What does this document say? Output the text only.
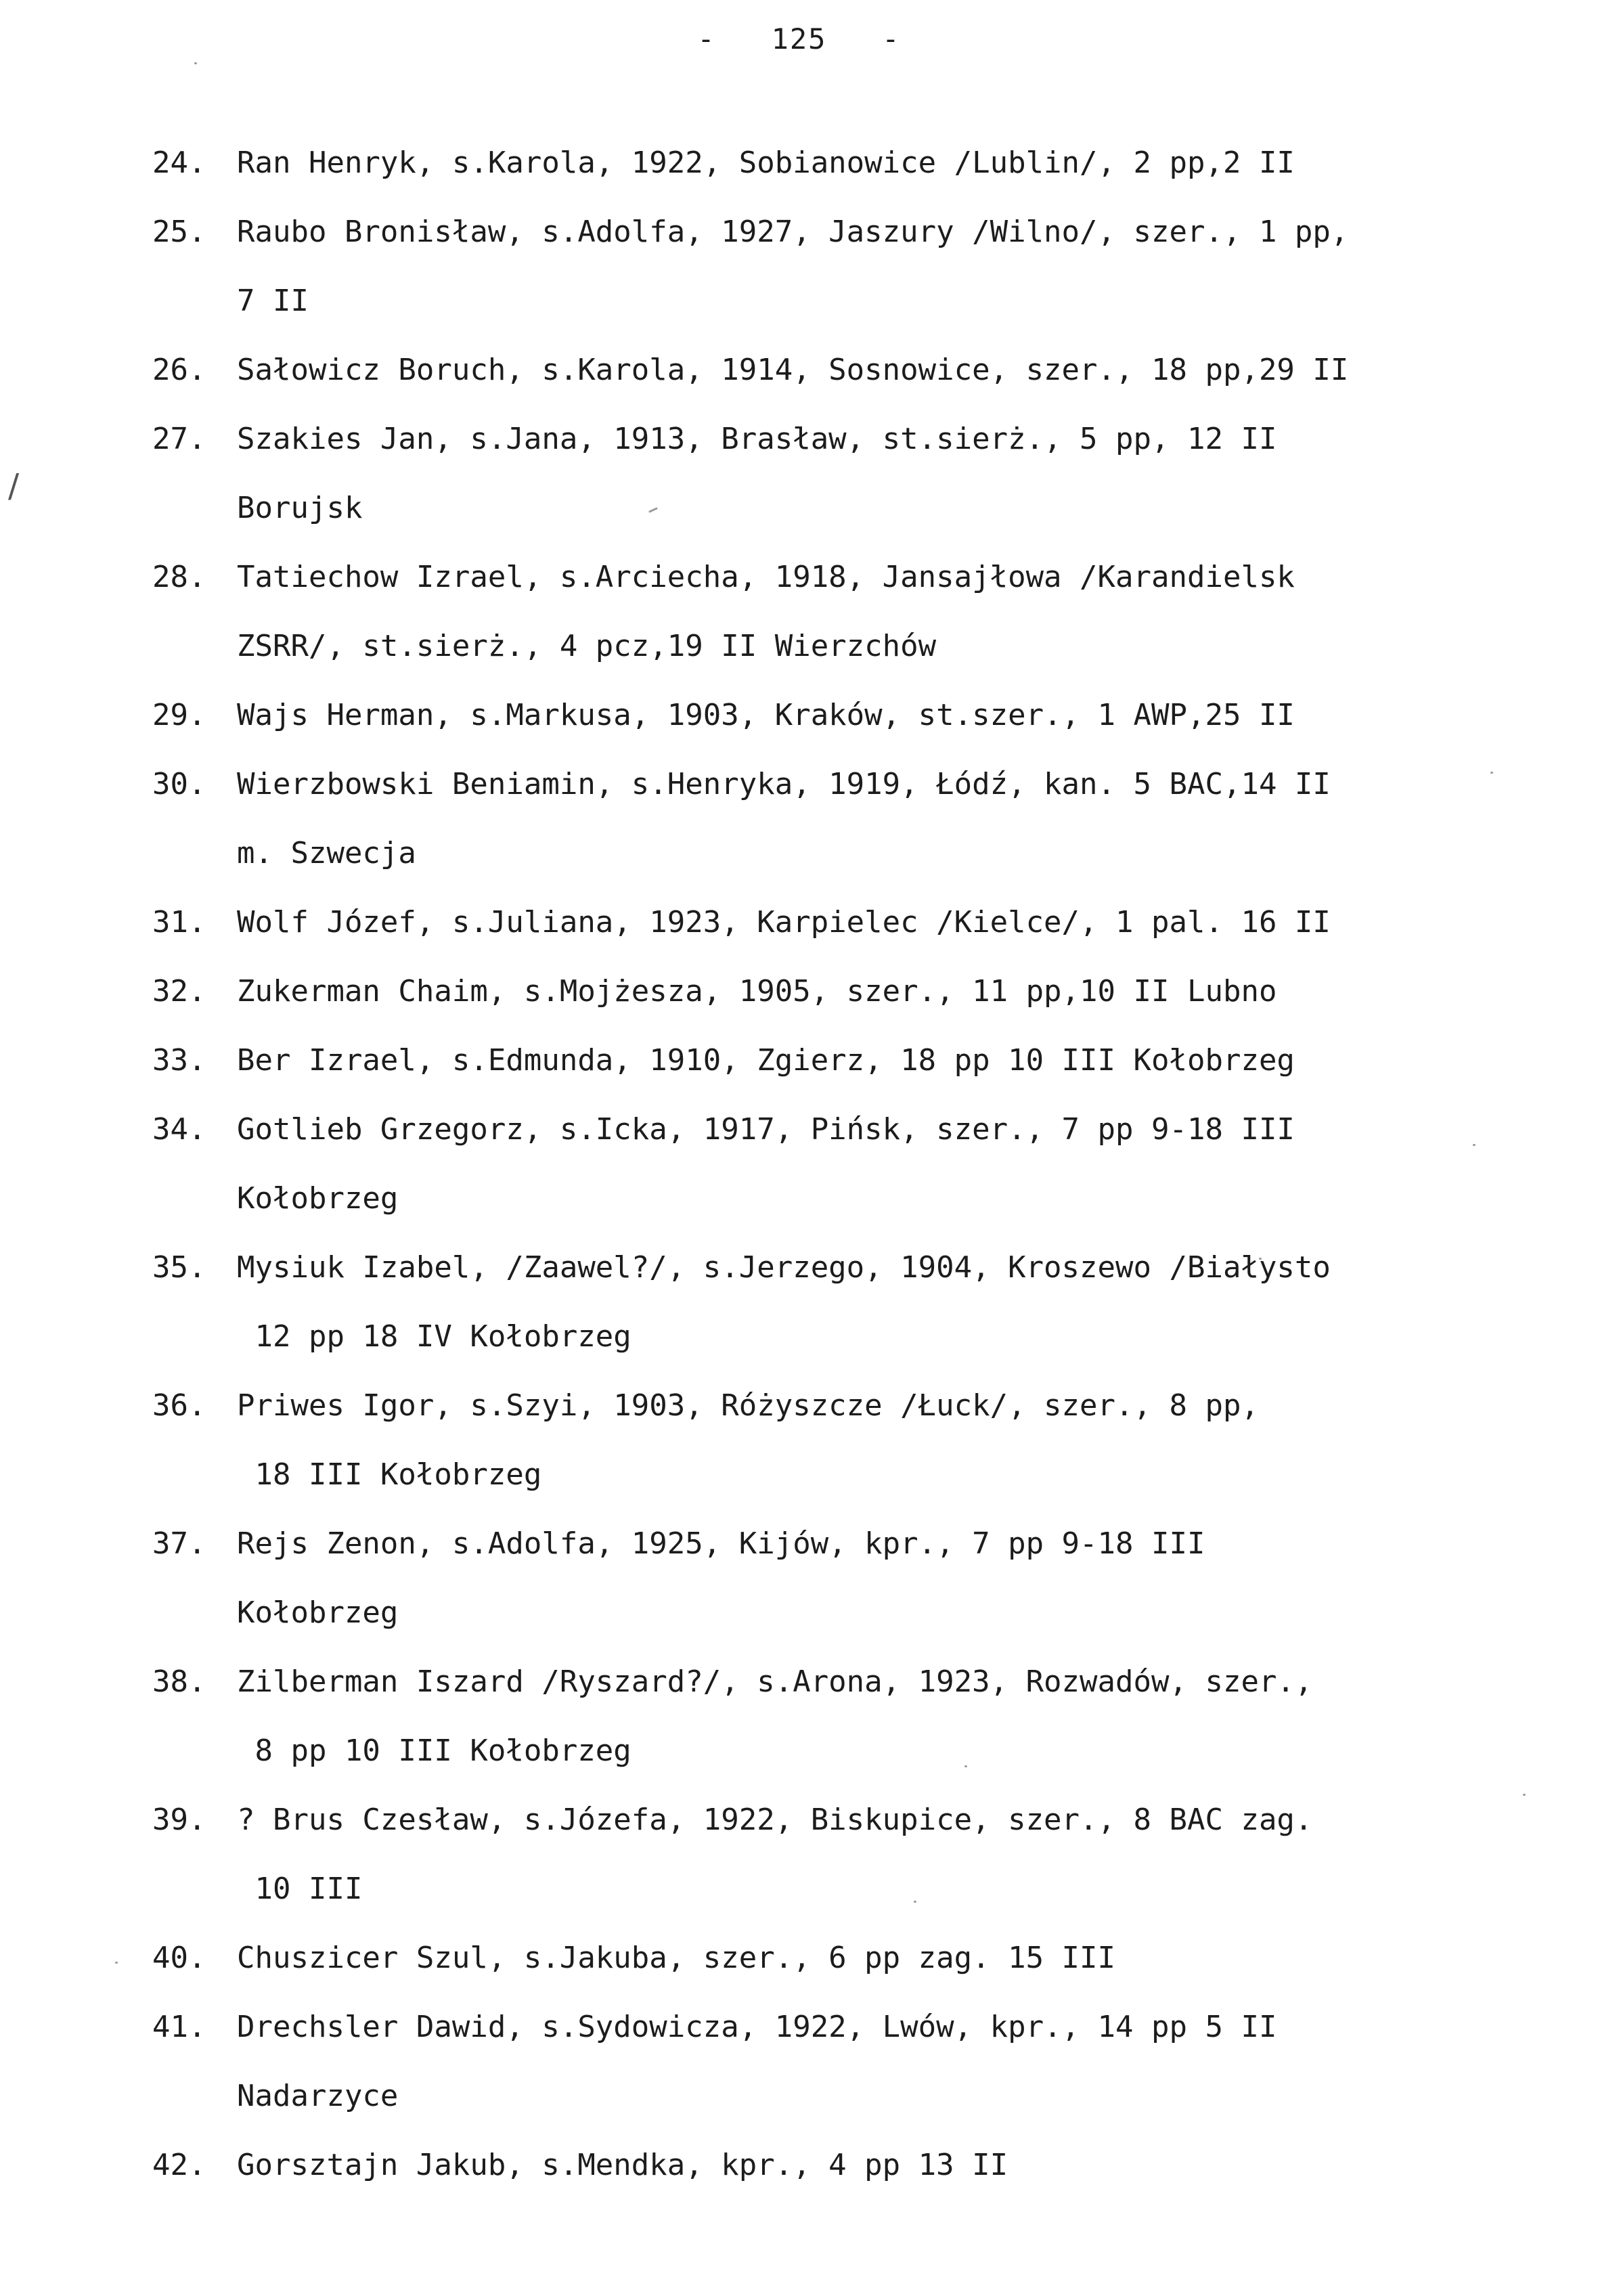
-   125   -
/
24. Ran Henryk, s.Karola, 1922, Sobianowice /Lublin/, 2 pp,2 II
25. Raubo Bronisław, s.Adolfa, 1927, Jaszury /Wilno/, szer., 1 pp,
7 II
26. Sałowicz Boruch, s.Karola, 1914, Sosnowice, szer., 18 pp,29 II
27. Szakies Jan, s.Jana, 1913, Brasław, st.sierż., 5 pp, 12 II
Borujsk
28. Tatiechow Izrael, s.Arciecha, 1918, Jansajłowa /Karandielsk
ZSRR/, st.sierż., 4 pcz,19 II Wierzchów
29. Wajs Herman, s.Markusa, 1903, Kraków, st.szer., 1 AWP,25 II
30. Wierzbowski Beniamin, s.Henryka, 1919, Łódź, kan. 5 BAC,14 II
m. Szwecja
31. Wolf Józef, s.Juliana, 1923, Karpielec /Kielce/, 1 pal. 16 II
32. Zukerman Chaim, s.Mojżesza, 1905, szer., 11 pp,10 II Lubno
33. Ber Izrael, s.Edmunda, 1910, Zgierz, 18 pp 10 III Kołobrzeg
34. Gotlieb Grzegorz, s.Icka, 1917, Pińsk, szer., 7 pp 9-18 III
Kołobrzeg
35. Mysiuk Izabel, /Zaawel?/, s.Jerzego, 1904, Kroszewo /Białysto
12 pp 18 IV Kołobrzeg
36. Priwes Igor, s.Szyi, 1903, Różyszcze /Łuck/, szer., 8 pp,
18 III Kołobrzeg
37. Rejs Zenon, s.Adolfa, 1925, Kijów, kpr., 7 pp 9-18 III
Kołobrzeg
38. Zilberman Iszard /Ryszard?/, s.Arona, 1923, Rozwadów, szer.,
8 pp 10 III Kołobrzeg
39. ? Brus Czesław, s.Józefa, 1922, Biskupice, szer., 8 BAC zag.
10 III
40. Chuszicer Szul, s.Jakuba, szer., 6 pp zag. 15 III
41. Drechsler Dawid, s.Sydowicza, 1922, Lwów, kpr., 14 pp 5 II
Nadarzyce
42. Gorsztajn Jakub, s.Mendka, kpr., 4 pp 13 II
